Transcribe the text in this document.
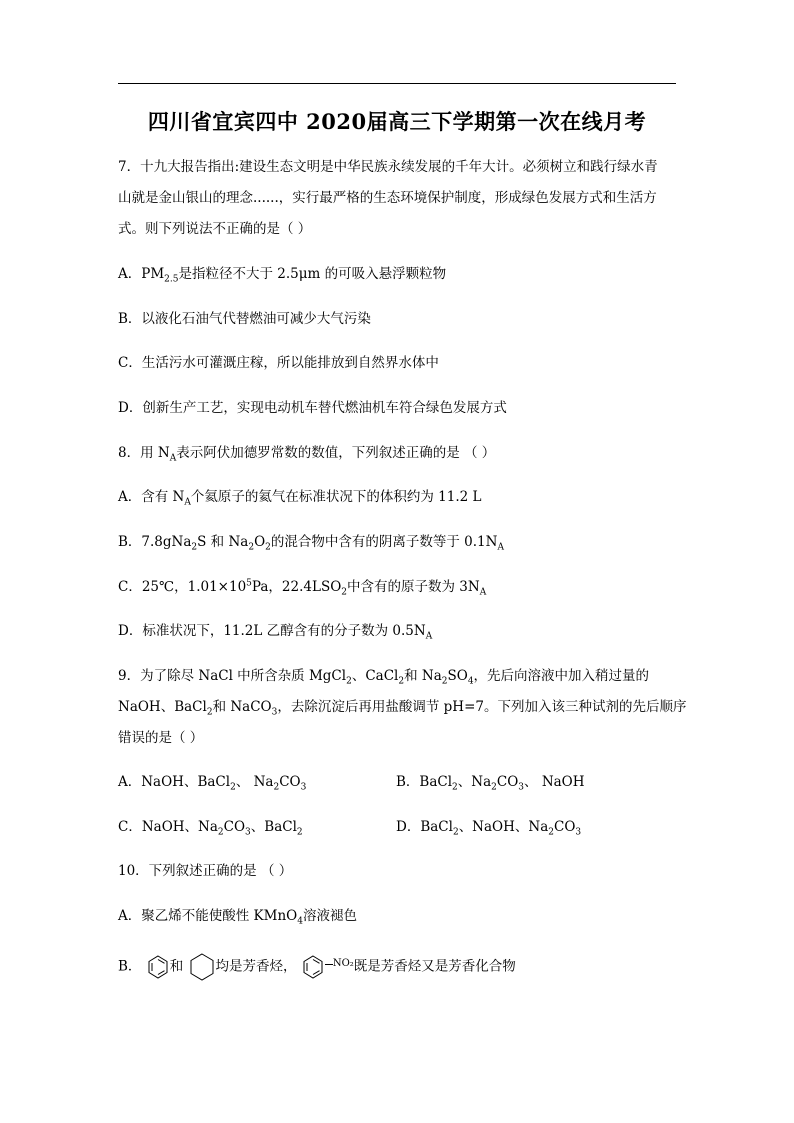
四川省宜宾四中 2020届高三下学期第一次在线月考
7．十九大报告指出:建设生态文明是中华民族永续发展的千年大计。必须树立和践行绿水青
山就是金山银山的理念......，实行最严格的生态环境保护制度，形成绿色发展方式和生活方
式。则下列说法不正确的是（ ）
A．$PM_{2.5}$是指粒径不大于 2.5μm 的可吸入悬浮颗粒物
B．以液化石油气代替燃油可减少大气污染
C．生活污水可灌溉庄稼，所以能排放到自然界水体中
D．创新生产工艺，实现电动机车替代燃油机车符合绿色发展方式
8．用 $N_A$表示阿伏加德罗常数的数值，下列叙述正确的是 （ ）
A．含有 $N_A$个氦原子的氦气在标准状况下的体积约为 11.2 L
B．7.8gNa$_2$S 和 $Na_2O_2$的混合物中含有的阴离子数等于 $0.1N_A$
C．25℃，$1.01\times 10^5Pa$，$22.4LSO_2$中含有的原子数为 $3N_A$
D．标准状况下，11.2L 乙醇含有的分子数为 $0.5N_A$
9．为了除尽 NaCl 中所含杂质 MgCl$_2$、CaCl$_2$和 $Na_2SO_4$，先后向溶液中加入稍过量的
NaOH、BaCl$_2$和 NaCO$_3$，去除沉淀后再用盐酸调节 pH=7。下列加入该三种试剂的先后顺序
错误的是（ ）
A．NaOH、BaCl$_2$、 $Na_2CO_3$	B．BaCl$_2$、$Na_2CO_3$、 NaOH
C．NaOH、$Na_2CO_3$、BaCl$_2$	D．BaCl$_2$、NaOH、$Na_2CO_3$
10．下列叙述正确的是 （ ）
A．聚乙烯不能使酸性 KMnO$_4$溶液褪色
B． 和 均是芳香烃，	$^{NO_2}$既是芳香烃又是芳香化合物
